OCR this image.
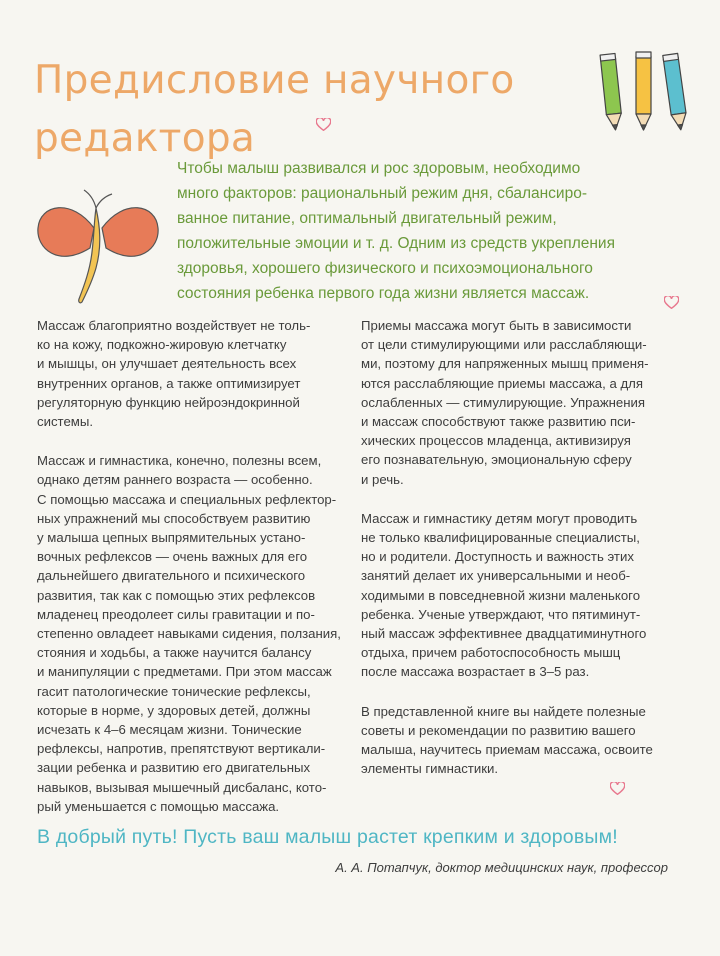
Предисловие научного
редактора
Чтобы малыш развивался и рос здоровым, необходимо
много факторов: рациональный режим дня, сбалансиро-
ванное питание, оптимальный двигательный режим,
положительные эмоции и т. д. Одним из средств укрепления
здоровья, хорошего физического и психоэмоционального
состояния ребенка первого года жизни является массаж.

Массаж благоприятно воздействует не толь-
ко на кожу, подкожно-жировую клетчатку
и мышцы, он улучшает деятельность всех
внутренних органов, а также оптимизирует
регуляторную функцию нейроэндокринной
системы.

Массаж и гимнастика, конечно, полезны всем,
однако детям раннего возраста — особенно.
С помощью массажа и специальных рефлектор-
ных упражнений мы способствуем развитию
у малыша цепных выпрямительных устано-
вочных рефлексов — очень важных для его
дальнейшего двигательного и психического
развития, так как с помощью этих рефлексов
младенец преодолеет силы гравитации и по-
степенно овладеет навыками сидения, ползания,
стояния и ходьбы, а также научится балансу
и манипуляции с предметами. При этом массаж
гасит патологические тонические рефлексы,
которые в норме, у здоровых детей, должны
исчезать к 4–6 месяцам жизни. Тонические
рефлексы, напротив, препятствуют вертикали-
зации ребенка и развитию его двигательных
навыков, вызывая мышечный дисбаланс, кото-
рый уменьшается с помощью массажа.

Приемы массажа могут быть в зависимости
от цели стимулирующими или расслабляющи-
ми, поэтому для напряженных мышц применя-
ются расслабляющие приемы массажа, а для
ослабленных — стимулирующие. Упражнения
и массаж способствуют также развитию пси-
хических процессов младенца, активизируя
его познавательную, эмоциональную сферу
и речь.

Массаж и гимнастику детям могут проводить
не только квалифицированные специалисты,
но и родители. Доступность и важность этих
занятий делает их универсальными и необ-
ходимыми в повседневной жизни маленького
ребенка. Ученые утверждают, что пятиминут-
ный массаж эффективнее двадцатиминутного
отдыха, причем работоспособность мышц
после массажа возрастает в 3–5 раз.

В представленной книге вы найдете полезные
советы и рекомендации по развитию вашего
малыша, научитесь приемам массажа, освоите
элементы гимнастики.

В добрый путь! Пусть ваш малыш растет крепким и здоровым!
А. А. Потапчук, доктор медицинских наук, профессор
